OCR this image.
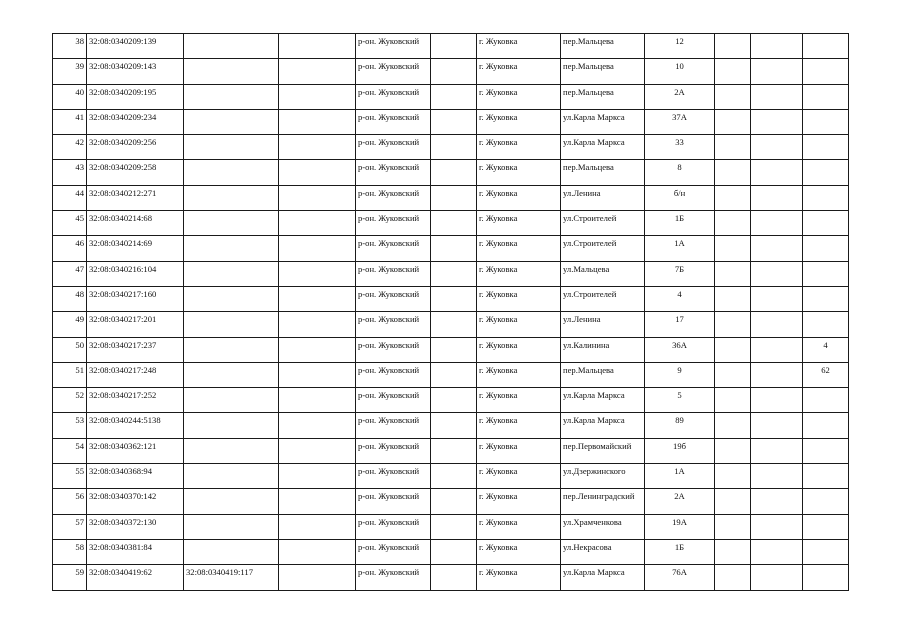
38	32:08:0340209:139			р-он. Жуковский		г. Жуковка	пер.Мальцева	12			
39	32:08:0340209:143			р-он. Жуковский		г. Жуковка	пер.Мальцева	10			
40	32:08:0340209:195			р-он. Жуковский		г. Жуковка	пер.Мальцева	2А			
41	32:08:0340209:234			р-он. Жуковский		г. Жуковка	ул.Карла Маркса	37А			
42	32:08:0340209:256			р-он. Жуковский		г. Жуковка	ул.Карла Маркса	33			
43	32:08:0340209:258			р-он. Жуковский		г. Жуковка	пер.Мальцева	8			
44	32:08:0340212:271			р-он. Жуковский		г. Жуковка	ул.Ленина	б/н			
45	32:08:0340214:68			р-он. Жуковский		г. Жуковка	ул.Строителей	1Б			
46	32:08:0340214:69			р-он. Жуковский		г. Жуковка	ул.Строителей	1А			
47	32:08:0340216:104			р-он. Жуковский		г. Жуковка	ул.Мальцева	7Б			
48	32:08:0340217:160			р-он. Жуковский		г. Жуковка	ул.Строителей	4			
49	32:08:0340217:201			р-он. Жуковский		г. Жуковка	ул.Ленина	17			
50	32:08:0340217:237			р-он. Жуковский		г. Жуковка	ул.Калинина	36А			4
51	32:08:0340217:248			р-он. Жуковский		г. Жуковка	пер.Мальцева	9			62
52	32:08:0340217:252			р-он. Жуковский		г. Жуковка	ул.Карла Маркса	5			
53	32:08:0340244:5138			р-он. Жуковский		г. Жуковка	ул.Карла Маркса	89			
54	32:08:0340362:121			р-он. Жуковский		г. Жуковка	пер.Первомайский	19б			
55	32:08:0340368:94			р-он. Жуковский		г. Жуковка	ул.Дзержинского	1А			
56	32:08:0340370:142			р-он. Жуковский		г. Жуковка	пер.Ленинградский	2А			
57	32:08:0340372:130			р-он. Жуковский		г. Жуковка	ул.Храмченкова	19А			
58	32:08:0340381:84			р-он. Жуковский		г. Жуковка	ул.Некрасова	1Б			
59	32:08:0340419:62	32:08:0340419:117		р-он. Жуковский		г. Жуковка	ул.Карла Маркса	76А			
